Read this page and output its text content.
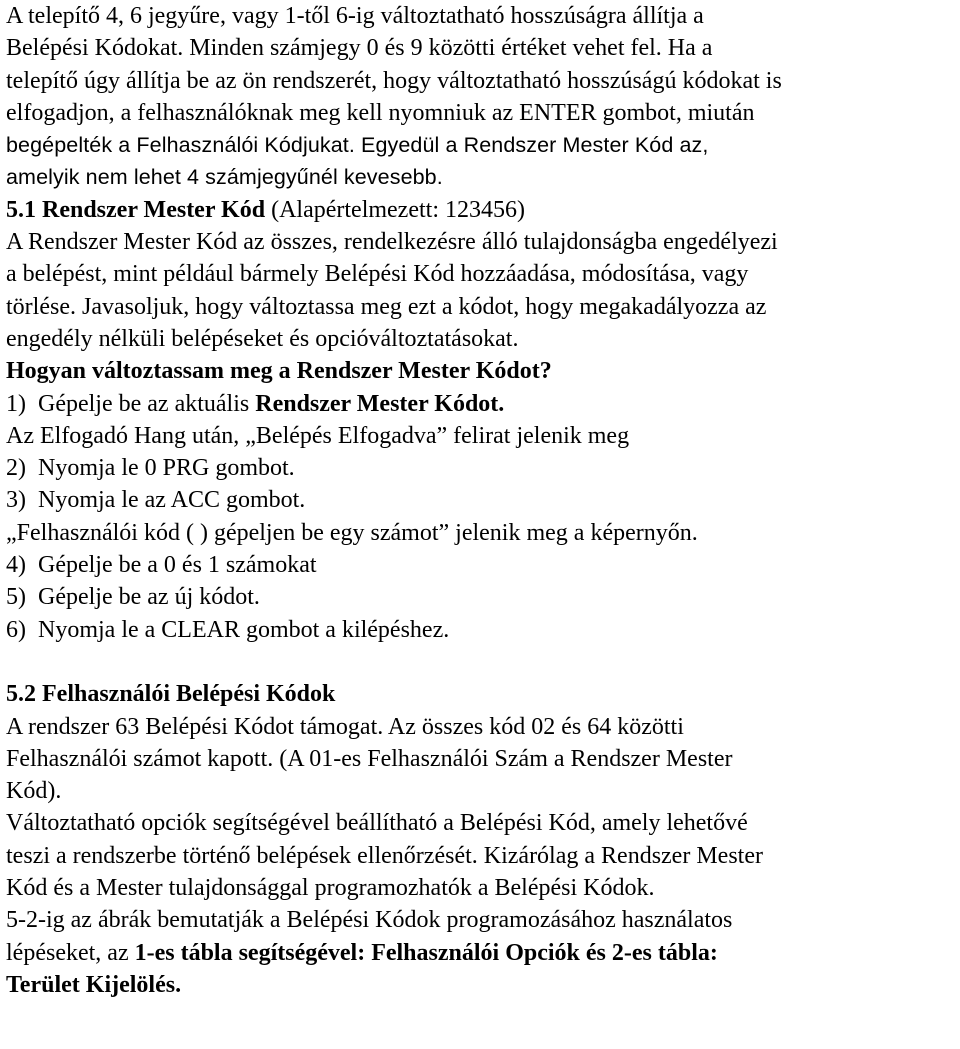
A telepítő 4, 6 jegyűre, vagy 1-től 6-ig változtatható hosszúságra állítja a

Belépési Kódokat. Minden számjegy 0 és 9 közötti értéket vehet fel. Ha a

telepítő úgy állítja be az ön rendszerét, hogy változtatható hosszúságú kódokat is

elfogadjon, a felhasználóknak meg kell nyomniuk az ENTER gombot, miután

begépelték a Felhasználói Kódjukat. Egyedül a Rendszer Mester Kód az,

amelyik nem lehet 4 számjegyűnél kevesebb.

5.1 Rendszer Mester Kód (Alapértelmezett: 123456)

A Rendszer Mester Kód az összes, rendelkezésre álló tulajdonságba engedélyezi

a belépést, mint például bármely Belépési Kód hozzáadása, módosítása, vagy

törlése. Javasoljuk, hogy változtassa meg ezt a kódot, hogy megakadályozza az

engedély nélküli belépéseket és opcióváltoztatásokat.

Hogyan változtassam meg a Rendszer Mester Kódot?

1)  Gépelje be az aktuális Rendszer Mester Kódot.

Az Elfogadó Hang után, „Belépés Elfogadva” felirat jelenik meg

2)  Nyomja le 0 PRG gombot.

3)  Nyomja le az ACC gombot.

„Felhasználói kód ( ) gépeljen be egy számot” jelenik meg a képernyőn.

4)  Gépelje be a 0 és 1 számokat

5)  Gépelje be az új kódot.

6)  Nyomja le a CLEAR gombot a kilépéshez.

5.2 Felhasználói Belépési Kódok

A rendszer 63 Belépési Kódot támogat. Az összes kód 02 és 64 közötti

Felhasználói számot kapott. (A 01-es Felhasználói Szám a Rendszer Mester

Kód).

Változtatható opciók segítségével beállítható a Belépési Kód, amely lehetővé

teszi a rendszerbe történő belépések ellenőrzését. Kizárólag a Rendszer Mester

Kód és a Mester tulajdonsággal programozhatók a Belépési Kódok.

5-2-ig az ábrák bemutatják a Belépési Kódok programozásához használatos

lépéseket, az 1-es tábla segítségével: Felhasználói Opciók és 2-es tábla:

Terület Kijelölés.
